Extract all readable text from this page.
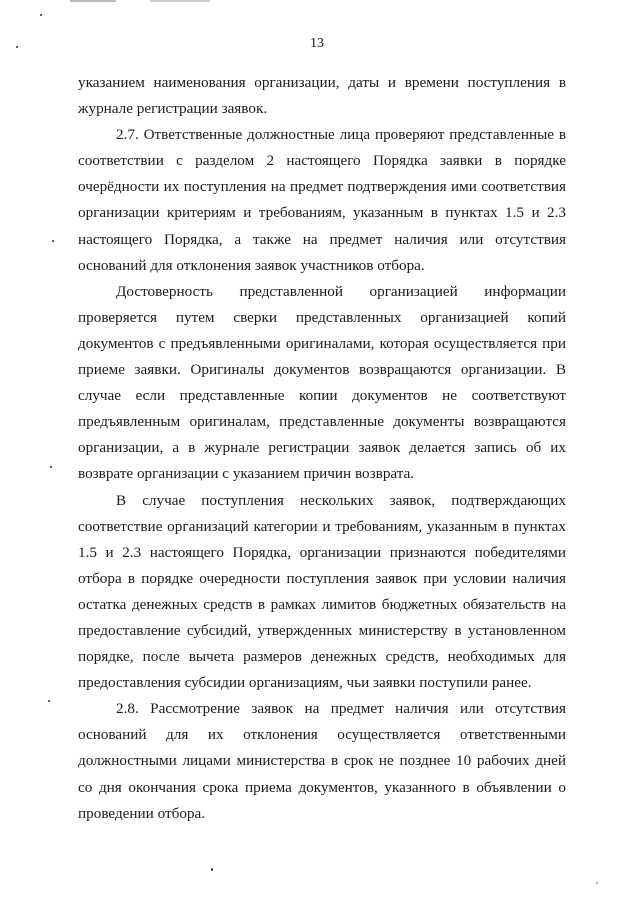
13
указанием наименования организации, даты и времени поступления в
журнале регистрации заявок.
2.7. Ответственные должностные лица проверяют представленные в
соответствии с разделом 2 настоящего Порядка заявки в порядке
очерёдности их поступления на предмет подтверждения ими соответствия
организации критериям и требованиям, указанным в пунктах 1.5 и 2.3
настоящего Порядка, а также на предмет наличия или отсутствия
оснований для отклонения заявок участников отбора.
Достоверность представленной организацией информации
проверяется путем сверки представленных организацией копий
документов с предъявленными оригиналами, которая осуществляется при
приеме заявки. Оригиналы документов возвращаются организации. В
случае если представленные копии документов не соответствуют
предъявленным оригиналам, представленные документы возвращаются
организации, а в журнале регистрации заявок делается запись об их
возврате организации с указанием причин возврата.
В случае поступления нескольких заявок, подтверждающих
соответствие организаций категории и требованиям, указанным в пунктах
1.5 и 2.3 настоящего Порядка, организации признаются победителями
отбора в порядке очередности поступления заявок при условии наличия
остатка денежных средств в рамках лимитов бюджетных обязательств на
предоставление субсидий, утвержденных министерству в установленном
порядке, после вычета размеров денежных средств, необходимых для
предоставления субсидии организациям, чьи заявки поступили ранее.
2.8. Рассмотрение заявок на предмет наличия или отсутствия
оснований для их отклонения осуществляется ответственными
должностными лицами министерства в срок не позднее 10 рабочих дней
со дня окончания срока приема документов, указанного в объявлении о
проведении отбора.
